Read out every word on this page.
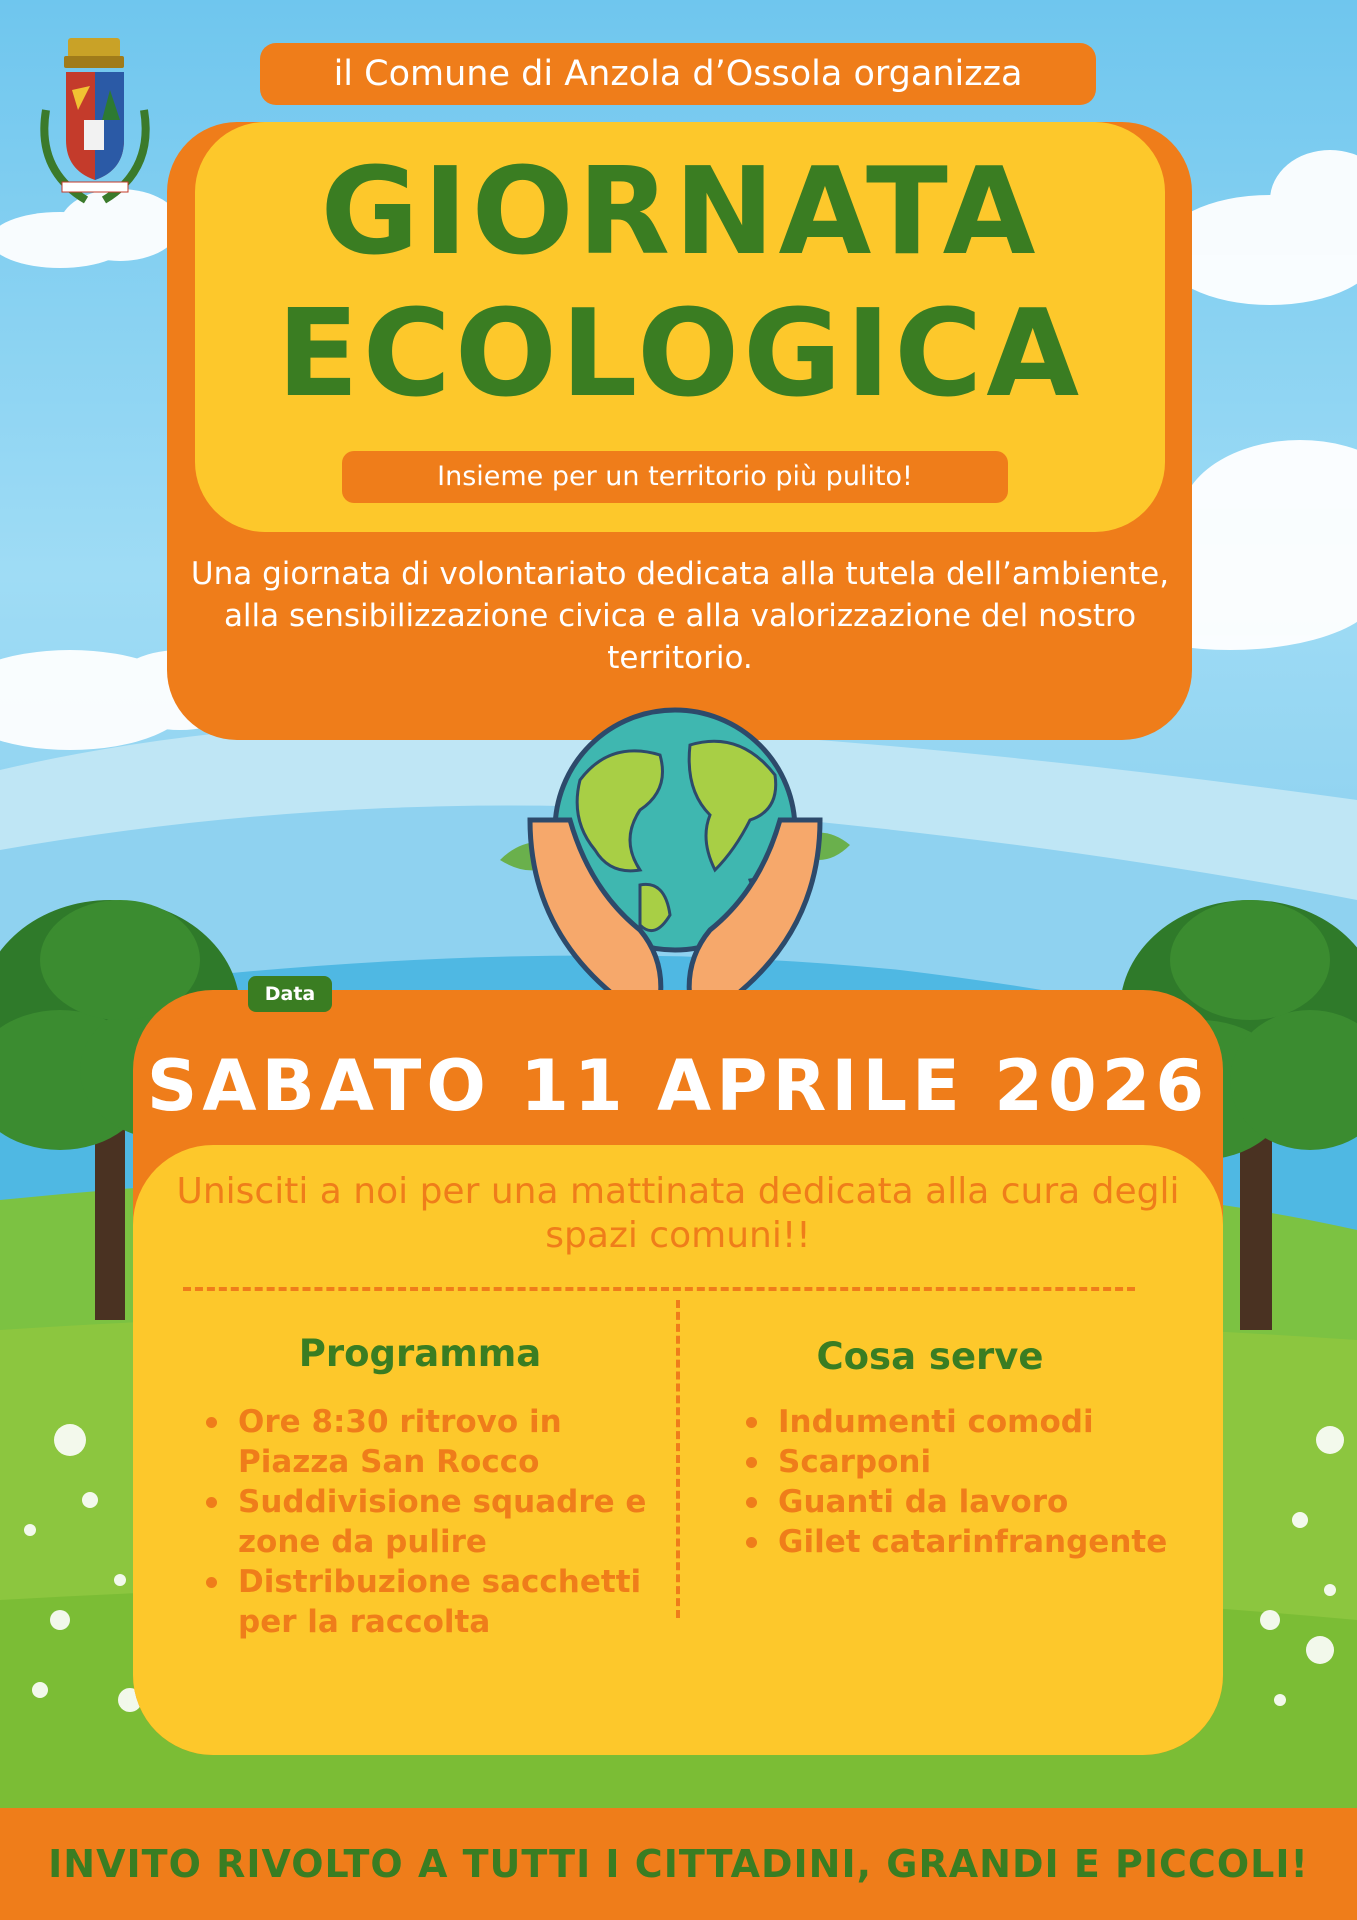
il Comune di Anzola d’Ossola organizza
GIORNATA
ECOLOGICA
Insieme per un territorio più pulito!
Una giornata di volontariato dedicata alla tutela dell’ambiente, alla sensibilizzazione civica e alla valorizzazione del nostro territorio.
Data
SABATO 11 APRILE 2026
Unisciti a noi per una mattinata dedicata alla cura degli spazi comuni!!
Programma
Ore 8:30 ritrovo in Piazza San Rocco
Suddivisione squadre e zone da pulire
Distribuzione sacchetti per la raccolta
Cosa serve
Indumenti comodi
Scarponi
Guanti da lavoro
Gilet catarinfrangente
INVITO RIVOLTO A TUTTI I CITTADINI, GRANDI E PICCOLI!
